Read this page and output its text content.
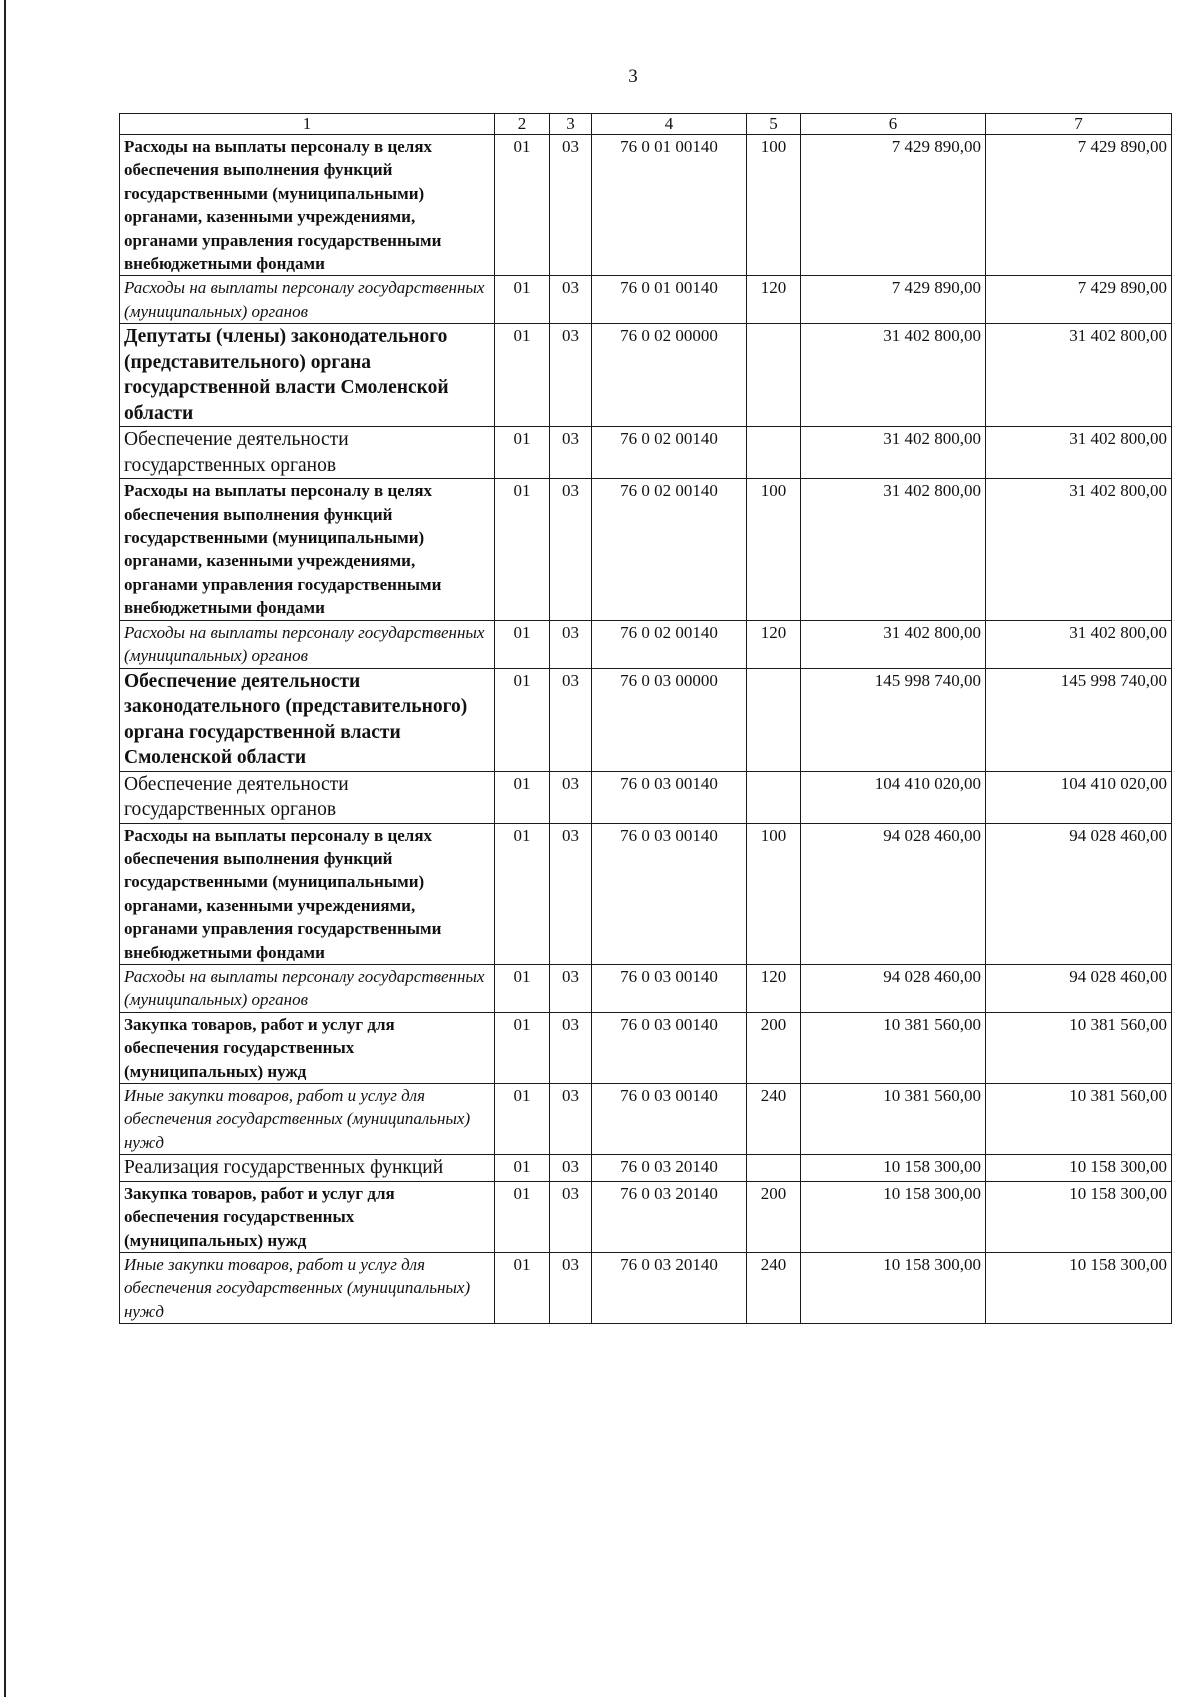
3
1	2	3	4	5	6	7
Расходы на выплаты персоналу в целях обеспечения выполнения функций государственными (муниципальными) органами, казенными учреждениями, органами управления государственными внебюджетными фондами	01	03	76 0 01 00140	100	7 429 890,00	7 429 890,00
Расходы на выплаты персоналу государственных (муниципальных) органов	01	03	76 0 01 00140	120	7 429 890,00	7 429 890,00
Депутаты (члены) законодательного (представительного) органа государственной власти Смоленской области	01	03	76 0 02 00000		31 402 800,00	31 402 800,00
Обеспечение деятельности государственных органов	01	03	76 0 02 00140		31 402 800,00	31 402 800,00
Расходы на выплаты персоналу в целях обеспечения выполнения функций государственными (муниципальными) органами, казенными учреждениями, органами управления государственными внебюджетными фондами	01	03	76 0 02 00140	100	31 402 800,00	31 402 800,00
Расходы на выплаты персоналу государственных (муниципальных) органов	01	03	76 0 02 00140	120	31 402 800,00	31 402 800,00
Обеспечение деятельности законодательного (представительного) органа государственной власти Смоленской области	01	03	76 0 03 00000		145 998 740,00	145 998 740,00
Обеспечение деятельности государственных органов	01	03	76 0 03 00140		104 410 020,00	104 410 020,00
Расходы на выплаты персоналу в целях обеспечения выполнения функций государственными (муниципальными) органами, казенными учреждениями, органами управления государственными внебюджетными фондами	01	03	76 0 03 00140	100	94 028 460,00	94 028 460,00
Расходы на выплаты персоналу государственных (муниципальных) органов	01	03	76 0 03 00140	120	94 028 460,00	94 028 460,00
Закупка товаров, работ и услуг для обеспечения государственных (муниципальных) нужд	01	03	76 0 03 00140	200	10 381 560,00	10 381 560,00
Иные закупки товаров, работ и услуг для обеспечения государственных (муниципальных) нужд	01	03	76 0 03 00140	240	10 381 560,00	10 381 560,00
Реализация государственных функций	01	03	76 0 03 20140		10 158 300,00	10 158 300,00
Закупка товаров, работ и услуг для обеспечения государственных (муниципальных) нужд	01	03	76 0 03 20140	200	10 158 300,00	10 158 300,00
Иные закупки товаров, работ и услуг для обеспечения государственных (муниципальных) нужд	01	03	76 0 03 20140	240	10 158 300,00	10 158 300,00
